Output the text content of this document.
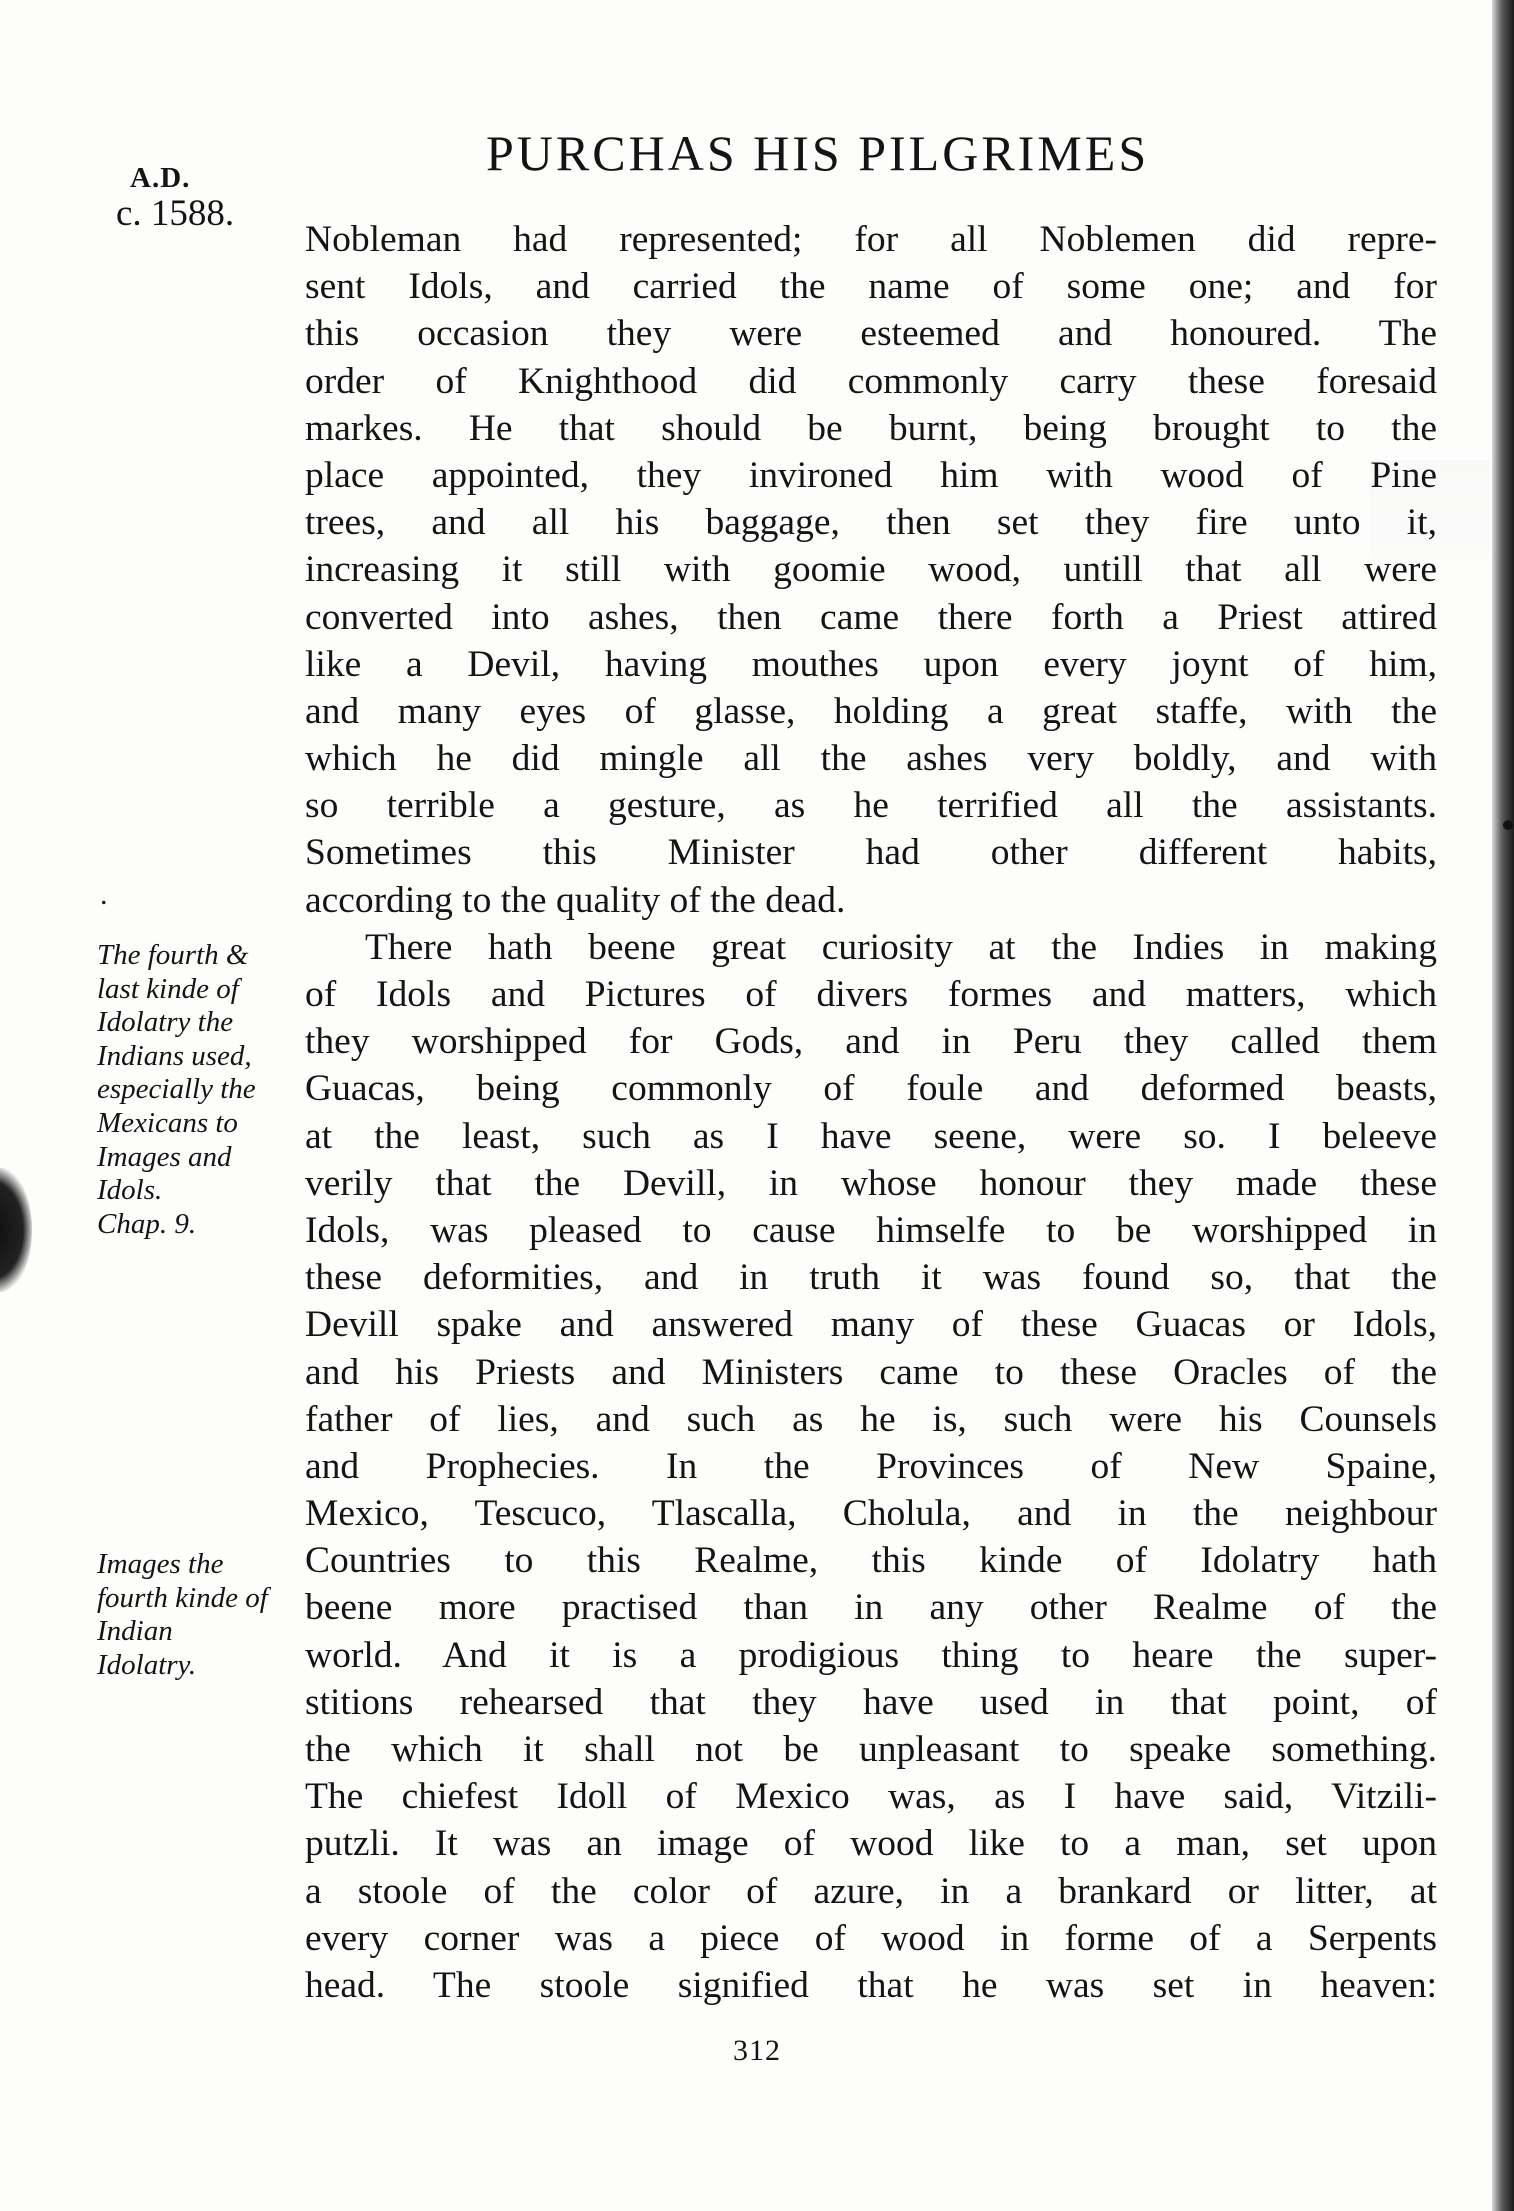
A.D.
c. 1588.
PURCHAS HIS PILGRIMES
Nobleman had represented; for all Noblemen did repre-
sent Idols, and carried the name of some one; and for
this occasion they were esteemed and honoured. The
order of Knighthood did commonly carry these foresaid
markes. He that should be burnt, being brought to the
place appointed, they invironed him with wood of Pine
trees, and all his baggage, then set they fire unto it,
increasing it still with goomie wood, untill that all were
converted into ashes, then came there forth a Priest attired
like a Devil, having mouthes upon every joynt of him,
and many eyes of glasse, holding a great staffe, with the
which he did mingle all the ashes very boldly, and with
so terrible a gesture, as he terrified all the assistants.
Sometimes this Minister had other different habits,
according to the quality of the dead.
There hath beene great curiosity at the Indies in making
of Idols and Pictures of divers formes and matters, which
they worshipped for Gods, and in Peru they called them
Guacas, being commonly of foule and deformed beasts,
at the least, such as I have seene, were so. I beleeve
verily that the Devill, in whose honour they made these
Idols, was pleased to cause himselfe to be worshipped in
these deformities, and in truth it was found so, that the
Devill spake and answered many of these Guacas or Idols,
and his Priests and Ministers came to these Oracles of the
father of lies, and such as he is, such were his Counsels
and Prophecies. In the Provinces of New Spaine,
Mexico, Tescuco, Tlascalla, Cholula, and in the neighbour
Countries to this Realme, this kinde of Idolatry hath
beene more practised than in any other Realme of the
world. And it is a prodigious thing to heare the super-
stitions rehearsed that they have used in that point, of
the which it shall not be unpleasant to speake something.
The chiefest Idoll of Mexico was, as I have said, Vitzili-
putzli. It was an image of wood like to a man, set upon
a stoole of the color of azure, in a brankard or litter, at
every corner was a piece of wood in forme of a Serpents
head. The stoole signified that he was set in heaven:
.
The fourth &
last kinde of
Idolatry the
Indians used,
especially the
Mexicans to
Images and
Idols.
Chap. 9.
Images the
fourth kinde of
Indian
Idolatry.
312
